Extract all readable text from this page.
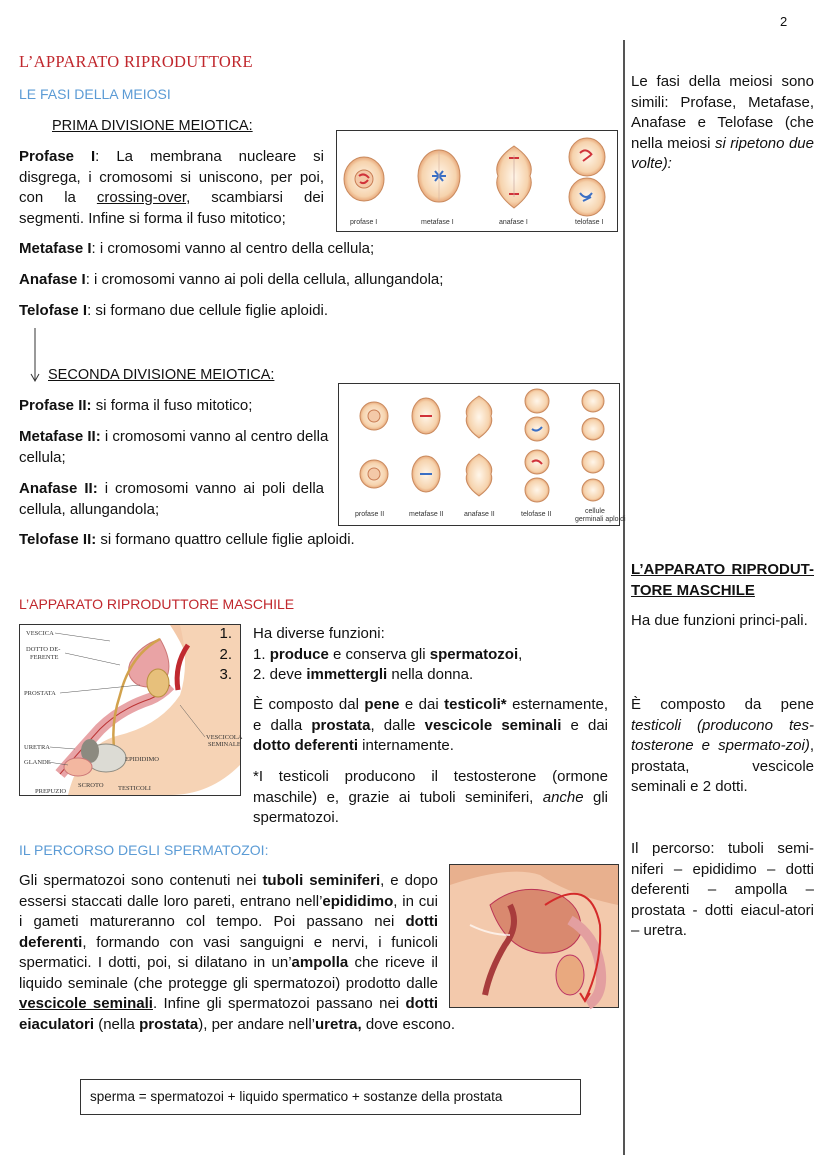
2
L’APPARATO RIPRODUTTORE
LE FASI DELLA MEIOSI
PRIMA DIVISIONE MEIOTICA:
Profase I: La membrana nucleare si disgrega, i cromosomi si uniscono, per poi, con la crossing-over, scambiarsi dei segmenti. Infine si forma il fuso mitotico;	profase I	metafase I	anafase I	telofase I
Metafase I: i cromosomi vanno al centro della cellula;
Anafase I: i cromosomi vanno ai poli della cellula, allungandola;
Telofase I: si formano due cellule figlie aploidi.
SECONDA DIVISIONE MEIOTICA:
Profase II: si forma il fuso mitotico;
Metafase II: i cromosomi vanno al centro della cellula;
Anafase II: i cromosomi vanno ai poli della cellula, allungandola;
Telofase II: si formano quattro cellule figlie aploidi.
profase II	metafase II	anafase II	telofase II	cellule
germinali aploidi
Le fasi della meiosi sono simili: Profase, Metafase, Anafase e Telofase (che nella meiosi si ripetono due volte):
L’APPARATO RIPRODUTTORE MASCHILE
VESCICA
DOTTO DE-
FERENTE
PROSTATA
URETRA
GLANDE
PREPUZIO
SCROTO TESTICOLI
EPIDIDIMO
VESCICOLA
SEMINALE
1.
2.
3.
Ha diverse funzioni:
1. produce e conserva gli spermatozoi,
2. deve immettergli nella donna.
È composto dal pene e dai testicoli* esternamente, e dalla prostata, dalle vescicole seminali e dai dotto deferenti internamente.
*I testicoli producono il testosterone (ormone maschile) e, grazie ai tuboli seminiferi, anche gli spermatozoi.
L’APPARATO RIPRODUT-TORE MASCHILE
Ha due funzioni princi-pali.
È composto da pene testicoli (producono tes-tosterone e spermato-zoi), prostata, vescicole seminali e 2 dotti.
Il percorso: tuboli semi-niferi – epididimo – dotti deferenti – ampolla – prostata - dotti eiacul-atori – uretra.
IL PERCORSO DEGLI SPERMATOZOI:
Gli spermatozoi sono contenuti nei tuboli seminiferi, e dopo essersi staccati dalle loro pareti, entrano nell’epididimo, in cui i gameti matureranno col tempo. Poi passano nei dotti deferenti, formando con vasi sanguigni e nervi, i funicoli spermatici. I dotti, poi, si dilatano in un’ampolla che riceve il liquido seminale (che protegge gli spermatozoi) prodotto dalle vescicole seminali. Infine gli spermatozoi passano nei dotti eiaculatori (nella prostata), per andare nell’uretra, dove escono.
sperma = spermatozoi + liquido spermatico + sostanze della prostata
